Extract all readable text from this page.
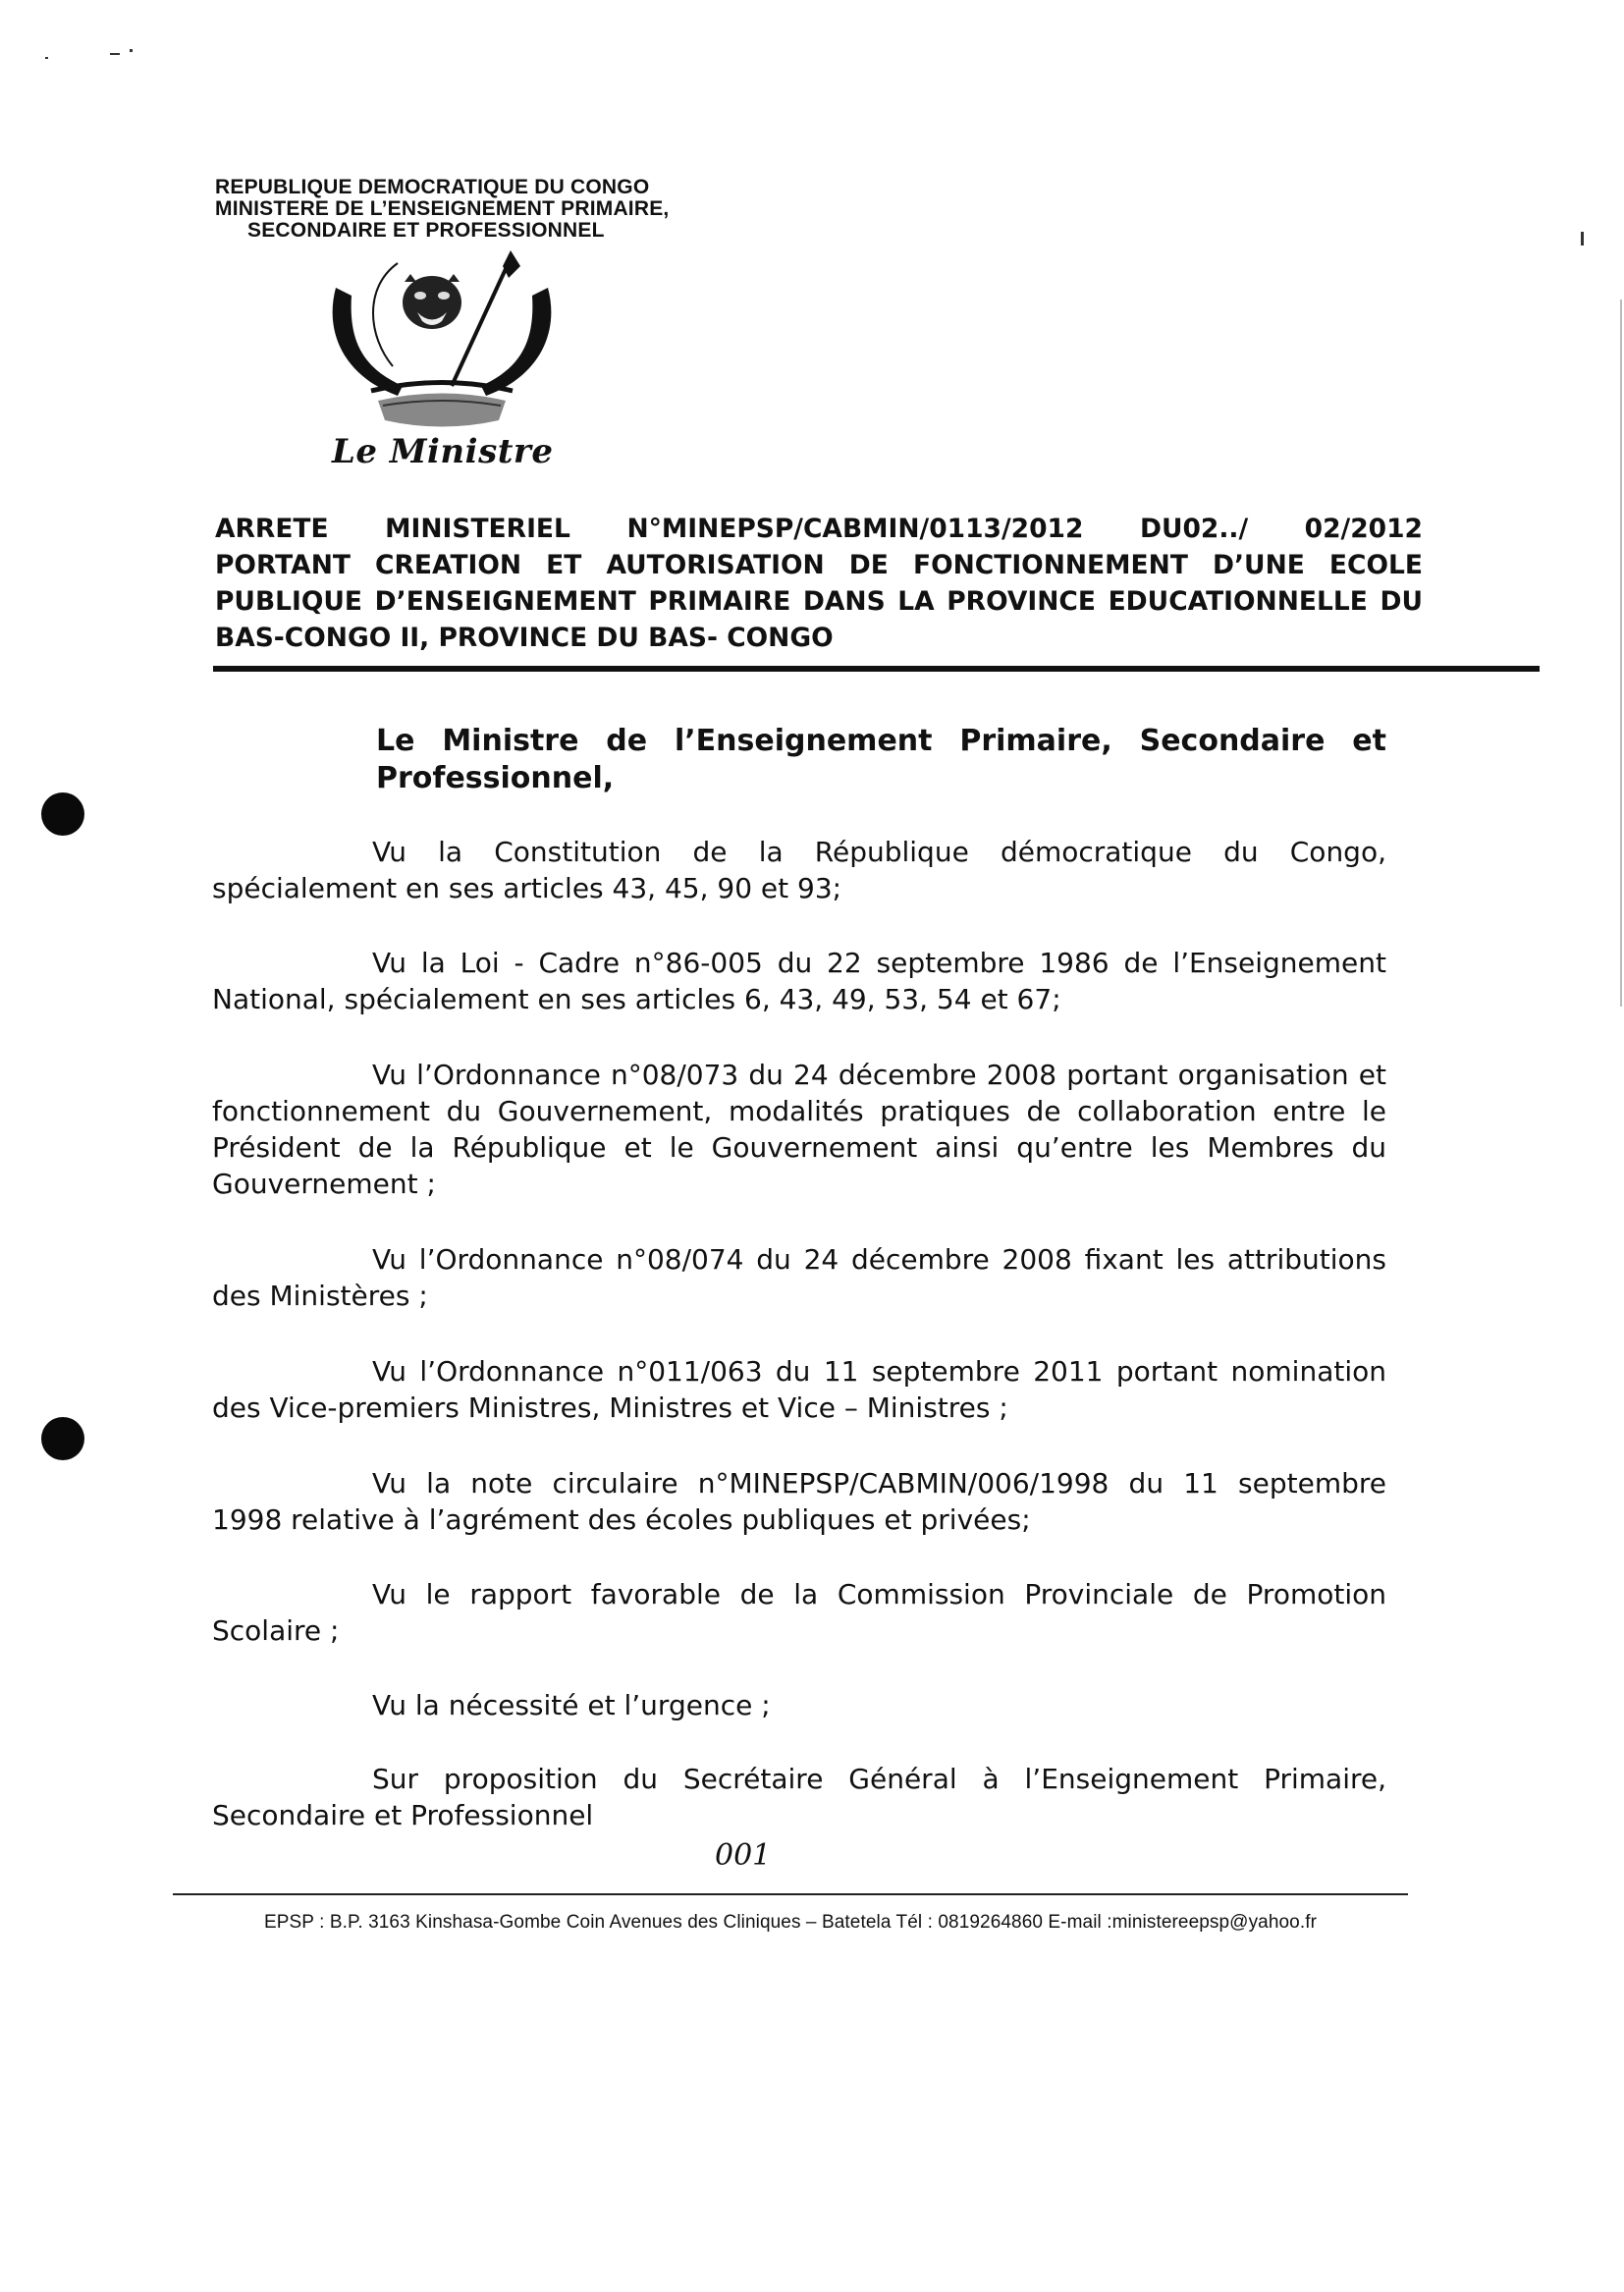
REPUBLIQUE DEMOCRATIQUE DU CONGO
MINISTERE DE L’ENSEIGNEMENT PRIMAIRE,
SECONDAIRE ET PROFESSIONNEL
Le Ministre
ARRETE MINISTERIEL N°MINEPSP/CABMIN/0113/2012 DU02../ 02/2012
PORTANT CREATION ET AUTORISATION DE FONCTIONNEMENT D’UNE ECOLE
PUBLIQUE D’ENSEIGNEMENT PRIMAIRE DANS LA PROVINCE EDUCATIONNELLE DU
BAS-CONGO II, PROVINCE DU BAS- CONGO
Le Ministre de l’Enseignement Primaire, Secondaire et
Professionnel,
Vu la Constitution de la République démocratique du Congo, spécialement en ses articles 43, 45, 90 et 93;
Vu la Loi - Cadre n°86-005 du 22 septembre 1986 de l’Enseignement National, spécialement en ses articles 6, 43, 49, 53, 54 et 67;
Vu l’Ordonnance n°08/073 du 24 décembre 2008 portant organisation et fonctionnement du Gouvernement, modalités pratiques de collaboration entre le Président de la République et le Gouvernement ainsi qu’entre les Membres du Gouvernement ;
Vu l’Ordonnance n°08/074 du 24 décembre 2008 fixant les attributions des Ministères ;
Vu l’Ordonnance n°011/063 du 11 septembre 2011 portant nomination des Vice-premiers Ministres, Ministres et Vice – Ministres ;
Vu la note circulaire n°MINEPSP/CABMIN/006/1998 du 11 septembre 1998 relative à l’agrément des écoles publiques et privées;
Vu le rapport favorable de la Commission Provinciale de Promotion Scolaire ;
Vu la nécessité et l’urgence ;
Sur proposition du Secrétaire Général à l’Enseignement Primaire, Secondaire et Professionnel
001
EPSP : B.P. 3163 Kinshasa-Gombe Coin Avenues des Cliniques – Batetela Tél : 0819264860 E-mail :ministereepsp@yahoo.fr
